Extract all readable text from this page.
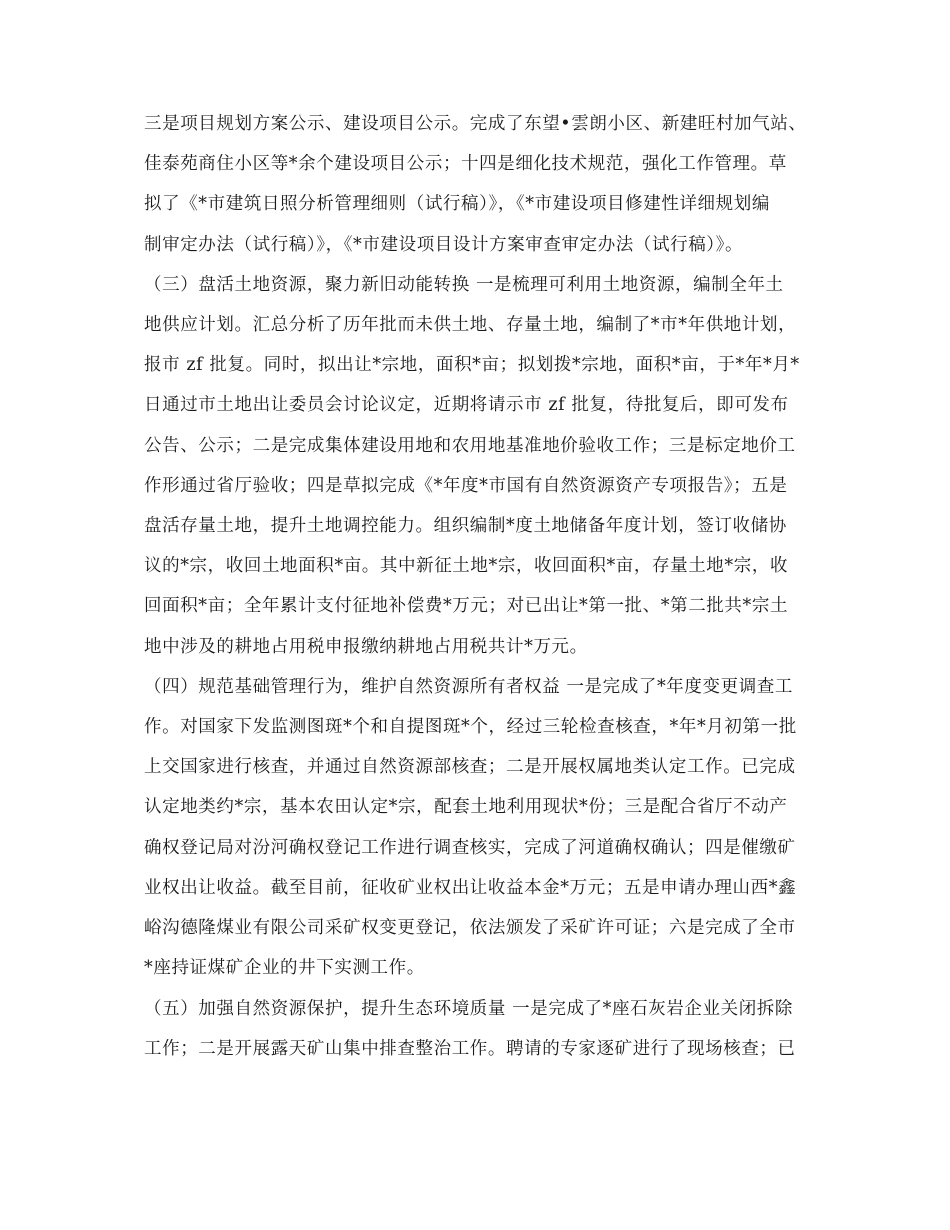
三是项目规划方案公示、建设项目公示。完成了东望•雲朗小区、新建旺村加气站、
佳泰苑商住小区等*余个建设项目公示；十四是细化技术规范，强化工作管理。草
拟了《*市建筑日照分析管理细则（试行稿）》，《*市建设项目修建性详细规划编
制审定办法（试行稿）》，《*市建设项目设计方案审查审定办法（试行稿）》。
（三）盘活土地资源，聚力新旧动能转换 一是梳理可利用土地资源，编制全年土
地供应计划。汇总分析了历年批而未供土地、存量土地，编制了*市*年供地计划，
报市 zf 批复。同时，拟出让*宗地，面积*亩；拟划拨*宗地，面积*亩，于*年*月*
日通过市土地出让委员会讨论议定，近期将请示市 zf 批复，待批复后，即可发布
公告、公示；二是完成集体建设用地和农用地基准地价验收工作；三是标定地价工
作形通过省厅验收；四是草拟完成《*年度*市国有自然资源资产专项报告》；五是
盘活存量土地，提升土地调控能力。组织编制*度土地储备年度计划，签订收储协
议的*宗，收回土地面积*亩。其中新征土地*宗，收回面积*亩，存量土地*宗，收
回面积*亩；全年累计支付征地补偿费*万元；对已出让*第一批、*第二批共*宗土
地中涉及的耕地占用税申报缴纳耕地占用税共计*万元。
（四）规范基础管理行为，维护自然资源所有者权益 一是完成了*年度变更调查工
作。对国家下发监测图斑*个和自提图斑*个，经过三轮检查核查，*年*月初第一批
上交国家进行核查，并通过自然资源部核查；二是开展权属地类认定工作。已完成
认定地类约*宗，基本农田认定*宗，配套土地利用现状*份；三是配合省厅不动产
确权登记局对汾河确权登记工作进行调查核实，完成了河道确权确认；四是催缴矿
业权出让收益。截至目前，征收矿业权出让收益本金*万元；五是申请办理山西*鑫
峪沟德隆煤业有限公司采矿权变更登记，依法颁发了采矿许可证；六是完成了全市
*座持证煤矿企业的井下实测工作。
（五）加强自然资源保护，提升生态环境质量 一是完成了*座石灰岩企业关闭拆除
工作；二是开展露天矿山集中排查整治工作。聘请的专家逐矿进行了现场核查；已
